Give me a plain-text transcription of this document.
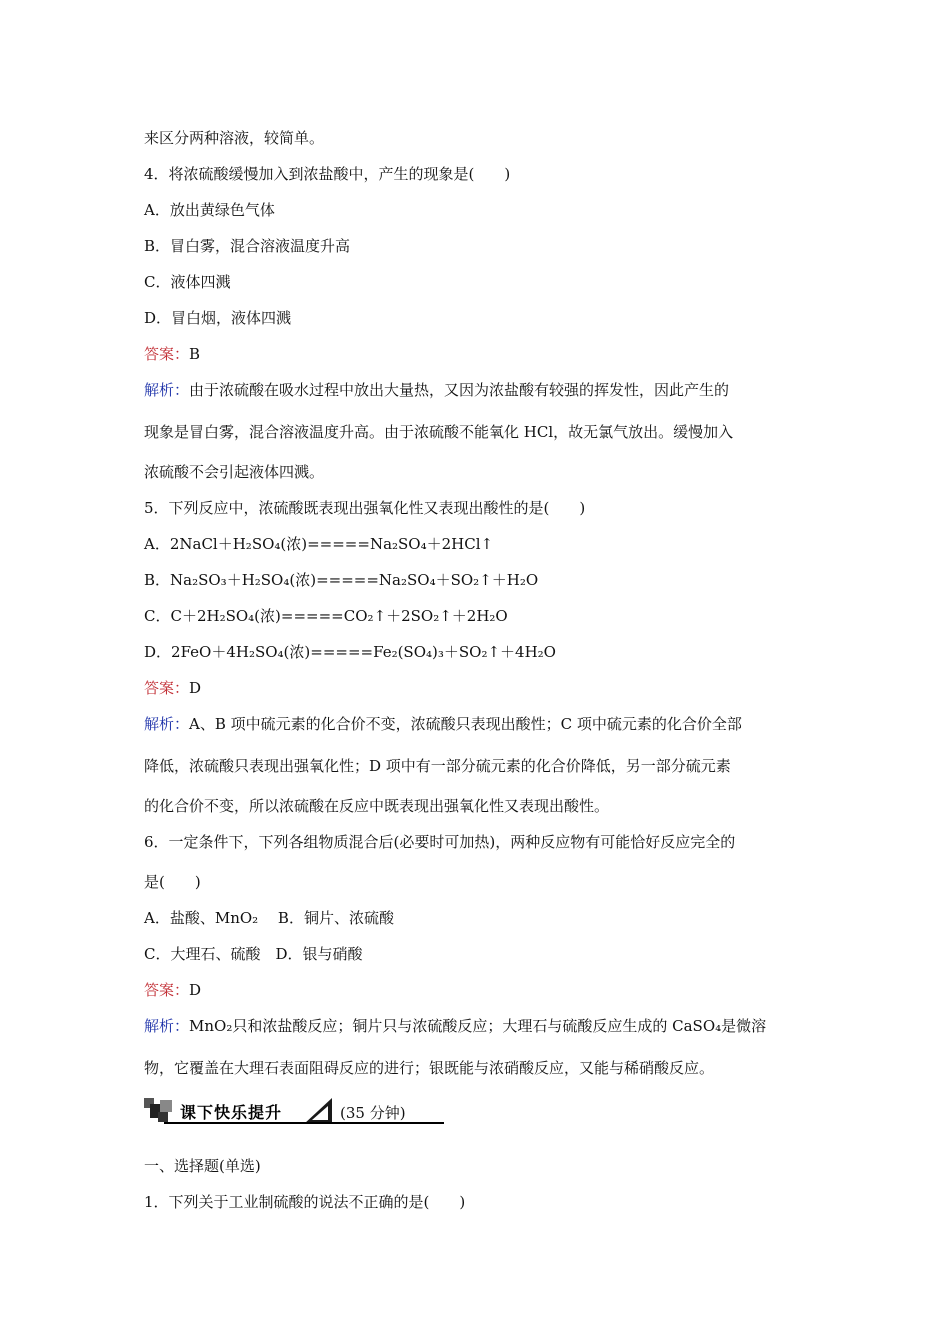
来区分两种溶液，较简单。
4．将浓硫酸缓慢加入到浓盐酸中，产生的现象是(　　)
A．放出黄绿色气体
B．冒白雾，混合溶液温度升高
C．液体四溅
D．冒白烟，液体四溅
答案：B
解析：由于浓硫酸在吸水过程中放出大量热，又因为浓盐酸有较强的挥发性，因此产生的
现象是冒白雾，混合溶液温度升高。由于浓硫酸不能氧化 HCl，故无氯气放出。缓慢加入
浓硫酸不会引起液体四溅。
5．下列反应中，浓硫酸既表现出强氧化性又表现出酸性的是(　　)
A．2NaCl＋H₂SO₄(浓)=====Na₂SO₄＋2HCl↑
B．Na₂SO₃＋H₂SO₄(浓)=====Na₂SO₄＋SO₂↑＋H₂O
C．C＋2H₂SO₄(浓)=====CO₂↑＋2SO₂↑＋2H₂O
D．2FeO＋4H₂SO₄(浓)=====Fe₂(SO₄)₃＋SO₂↑＋4H₂O
答案：D
解析：A、B 项中硫元素的化合价不变，浓硫酸只表现出酸性；C 项中硫元素的化合价全部
降低，浓硫酸只表现出强氧化性；D 项中有一部分硫元素的化合价降低，另一部分硫元素
的化合价不变，所以浓硫酸在反应中既表现出强氧化性又表现出酸性。
6．一定条件下，下列各组物质混合后(必要时可加热)，两种反应物有可能恰好反应完全的
是(　　)
A．盐酸、MnO₂　 B．铜片、浓硫酸
C．大理石、硫酸　D．银与硝酸
答案：D
解析：MnO₂只和浓盐酸反应；铜片只与浓硫酸反应；大理石与硫酸反应生成的 CaSO₄是微溶
物，它覆盖在大理石表面阻碍反应的进行；银既能与浓硝酸反应，又能与稀硝酸反应。
课下快乐提升	(35 分钟)
一、选择题(单选)
1．下列关于工业制硫酸的说法不正确的是(　　)
